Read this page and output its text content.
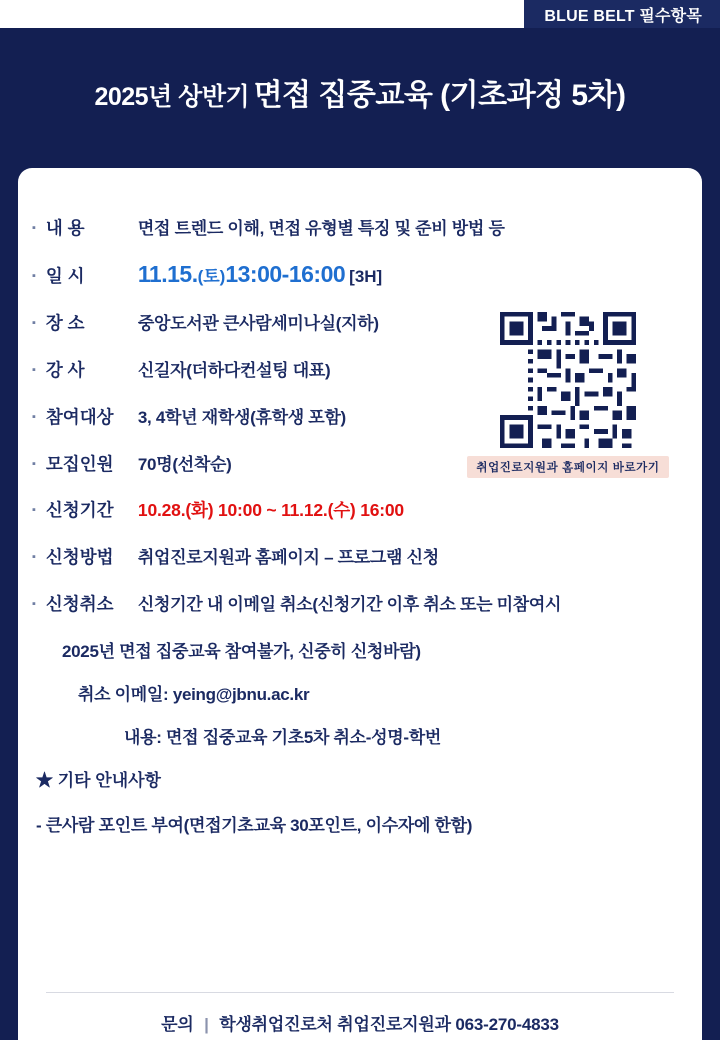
BLUE BELT 필수항목
2025년 상반기 면접 집중교육 (기초과정 5차)
취업진로지원과 홈페이지 바로가기
▪ 내 용	면접 트렌드 이해, 면접 유형별 특징 및 준비 방법 등
▪ 일 시	11.15. (토) 13:00-16:00 [3H]
▪ 장 소	중앙도서관 큰사람세미나실(지하)
▪ 강 사	신길자(더하다컨설팅 대표)
▪ 참여대상	3, 4학년 재학생(휴학생 포함)
▪ 모집인원	70명(선착순)
▪ 신청기간	10.28.(화) 10:00 ~ 11.12.(수) 16:00
▪ 신청방법	취업진로지원과 홈페이지 – 프로그램 신청
▪ 신청취소	신청기간 내 이메일 취소(신청기간 이후 취소 또는 미참여시

2025년 면접 집중교육 참여불가, 신중히 신청바람)

취소 이메일: yeing@jbnu.ac.kr

내용: 면접 집중교육 기초5차 취소-성명-학번

★ 기타 안내사항

- 큰사람 포인트 부여(면접기초교육 30포인트, 이수자에 한함)

문의 | 학생취업진로처 취업진로지원과 063-270-4833
